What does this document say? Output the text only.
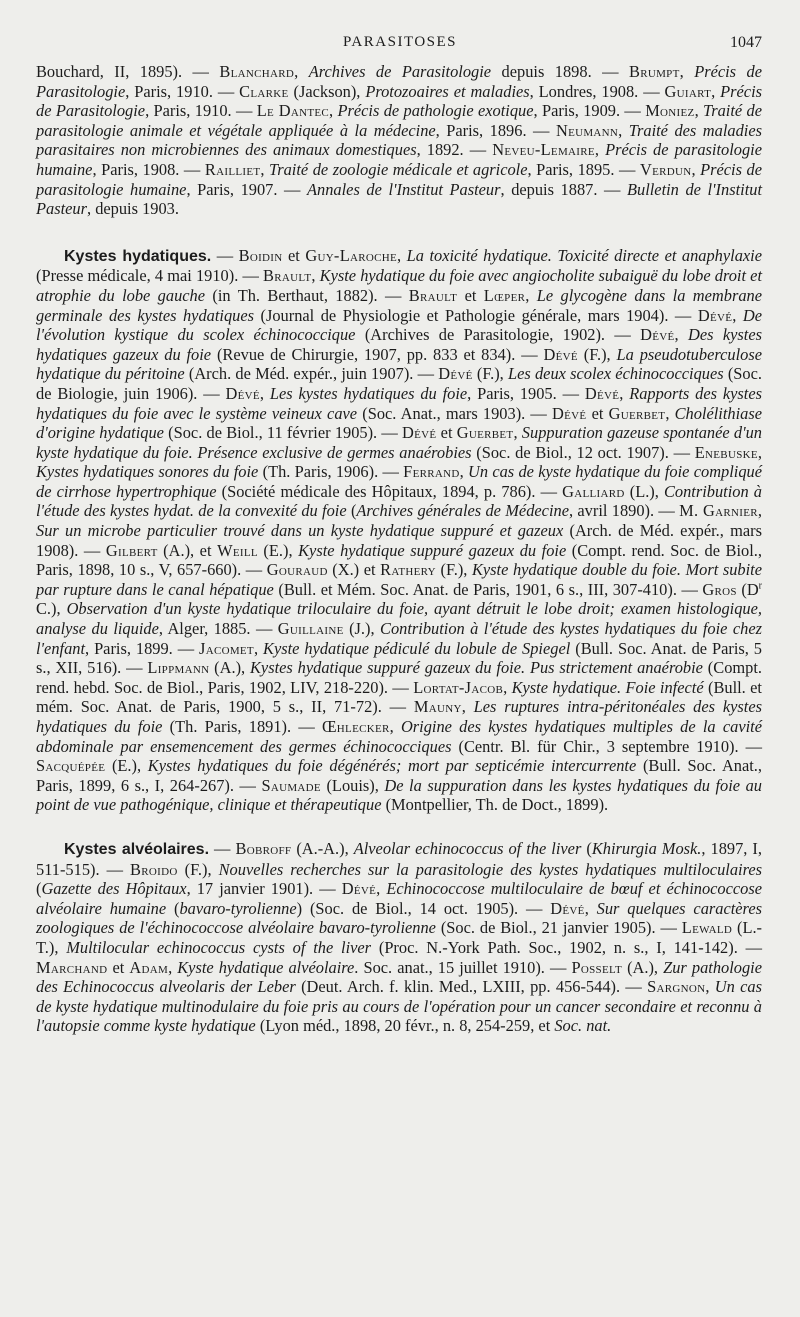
PARASITOSES	1047

Bouchard, II, 1895). — Blanchard, Archives de Parasitologie depuis 1898. — Brumpt, Précis de Parasitologie, Paris, 1910. — Clarke (Jackson), Protozoaires et maladies, Londres, 1908. — Guiart, Précis de Parasitologie, Paris, 1910. — Le Dantec, Précis de pathologie exotique, Paris, 1909. — Moniez, Traité de parasitologie animale et végétale appliquée à la médecine, Paris, 1896. — Neumann, Traité des maladies parasitaires non microbiennes des animaux domestiques, 1892. — Neveu-Lemaire, Précis de parasitologie humaine, Paris, 1908. — Railliet, Traité de zoologie médicale et agricole, Paris, 1895. — Verdun, Précis de parasitologie humaine, Paris, 1907. — Annales de l'Institut Pasteur, depuis 1887. — Bulletin de l'Institut Pasteur, depuis 1903.

Kystes hydatiques. — Boidin et Guy-Laroche, La toxicité hydatique. Toxicité directe et anaphylaxie (Presse médicale, 4 mai 1910). — Brault, Kyste hydatique du foie avec angiocholite subaiguë du lobe droit et atrophie du lobe gauche (in Th. Berthaut, 1882). — Brault et Lœper, Le glycogène dans la membrane germinale des kystes hydatiques (Journal de Physiologie et Pathologie générale, mars 1904). — Dévé, De l'évolution kystique du scolex échinococcique (Archives de Parasitologie, 1902). — Dévé, Des kystes hydatiques gazeux du foie (Revue de Chirurgie, 1907, pp. 833 et 834). — Dévé (F.), La pseudotuberculose hydatique du péritoine (Arch. de Méd. expér., juin 1907). — Dévé (F.), Les deux scolex échinococciques (Soc. de Biologie, juin 1906). — Dévé, Les kystes hydatiques du foie, Paris, 1905. — Dévé, Rapports des kystes hydatiques du foie avec le système veineux cave (Soc. Anat., mars 1903). — Dévé et Guerbet, Cholélithiase d'origine hydatique (Soc. de Biol., 11 février 1905). — Dévé et Guerbet, Suppuration gazeuse spontanée d'un kyste hydatique du foie. Présence exclusive de germes anaérobies (Soc. de Biol., 12 oct. 1907). — Enebuske, Kystes hydatiques sonores du foie (Th. Paris, 1906). — Ferrand, Un cas de kyste hydatique du foie compliqué de cirrhose hypertrophique (Société médicale des Hôpitaux, 1894, p. 786). — Galliard (L.), Contribution à l'étude des kystes hydat. de la convexité du foie (Archives générales de Médecine, avril 1890). — M. Garnier, Sur un microbe particulier trouvé dans un kyste hydatique suppuré et gazeux (Arch. de Méd. expér., mars 1908). — Gilbert (A.), et Weill (E.), Kyste hydatique suppuré gazeux du foie (Compt. rend. Soc. de Biol., Paris, 1898, 10 s., V, 657-660). — Gouraud (X.) et Rathery (F.), Kyste hydatique double du foie. Mort subite par rupture dans le canal hépatique (Bull. et Mém. Soc. Anat. de Paris, 1901, 6 s., III, 307-410). — Gros ($D^r$ C.), Observation d'un kyste hydatique triloculaire du foie, ayant détruit le lobe droit; examen histologique, analyse du liquide, Alger, 1885. — Guillaine (J.), Contribution à l'étude des kystes hydatiques du foie chez l'enfant, Paris, 1899. — Jacomet, Kyste hydatique pédiculé du lobule de Spiegel (Bull. Soc. Anat. de Paris, 5 s., XII, 516). — Lippmann (A.), Kystes hydatique suppuré gazeux du foie. Pus strictement anaérobie (Compt. rend. hebd. Soc. de Biol., Paris, 1902, LIV, 218-220). — Lortat-Jacob, Kyste hydatique. Foie infecté (Bull. et mém. Soc. Anat. de Paris, 1900, 5 s., II, 71-72). — Mauny, Les ruptures intra-péritonéales des kystes hydatiques du foie (Th. Paris, 1891). — Œhlecker, Origine des kystes hydatiques multiples de la cavité abdominale par ensemencement des germes échinococciques (Centr. Bl. für Chir., 3 septembre 1910). — Sacquépée (E.), Kystes hydatiques du foie dégénérés; mort par septicémie intercurrente (Bull. Soc. Anat., Paris, 1899, 6 s., I, 264-267). — Saumade (Louis), De la suppuration dans les kystes hydatiques du foie au point de vue pathogénique, clinique et thérapeutique (Montpellier, Th. de Doct., 1899).

Kystes alvéolaires. — Bobroff (A.-A.), Alveolar echinococcus of the liver (Khirurgia Mosk., 1897, I, 511-515). — Broido (F.), Nouvelles recherches sur la parasitologie des kystes hydatiques multiloculaires (Gazette des Hôpitaux, 17 janvier 1901). — Dévé, Echinococcose multiloculaire de bœuf et échinococcose alvéolaire humaine (bavaro-tyrolienne) (Soc. de Biol., 14 oct. 1905). — Dévé, Sur quelques caractères zoologiques de l'échinococcose alvéolaire bavaro-tyrolienne (Soc. de Biol., 21 janvier 1905). — Lewald (L.-T.), Multilocular echinococcus cysts of the liver (Proc. N.-York Path. Soc., 1902, n. s., I, 141-142). — Marchand et Adam, Kyste hydatique alvéolaire. Soc. anat., 15 juillet 1910). — Posselt (A.), Zur pathologie des Echinococcus alveolaris der Leber (Deut. Arch. f. klin. Med., LXIII, pp. 456-544). — Sargnon, Un cas de kyste hydatique multinodulaire du foie pris au cours de l'opération pour un cancer secondaire et reconnu à l'autopsie comme kyste hydatique (Lyon méd., 1898, 20 févr., n. 8, 254-259, et Soc. nat.
